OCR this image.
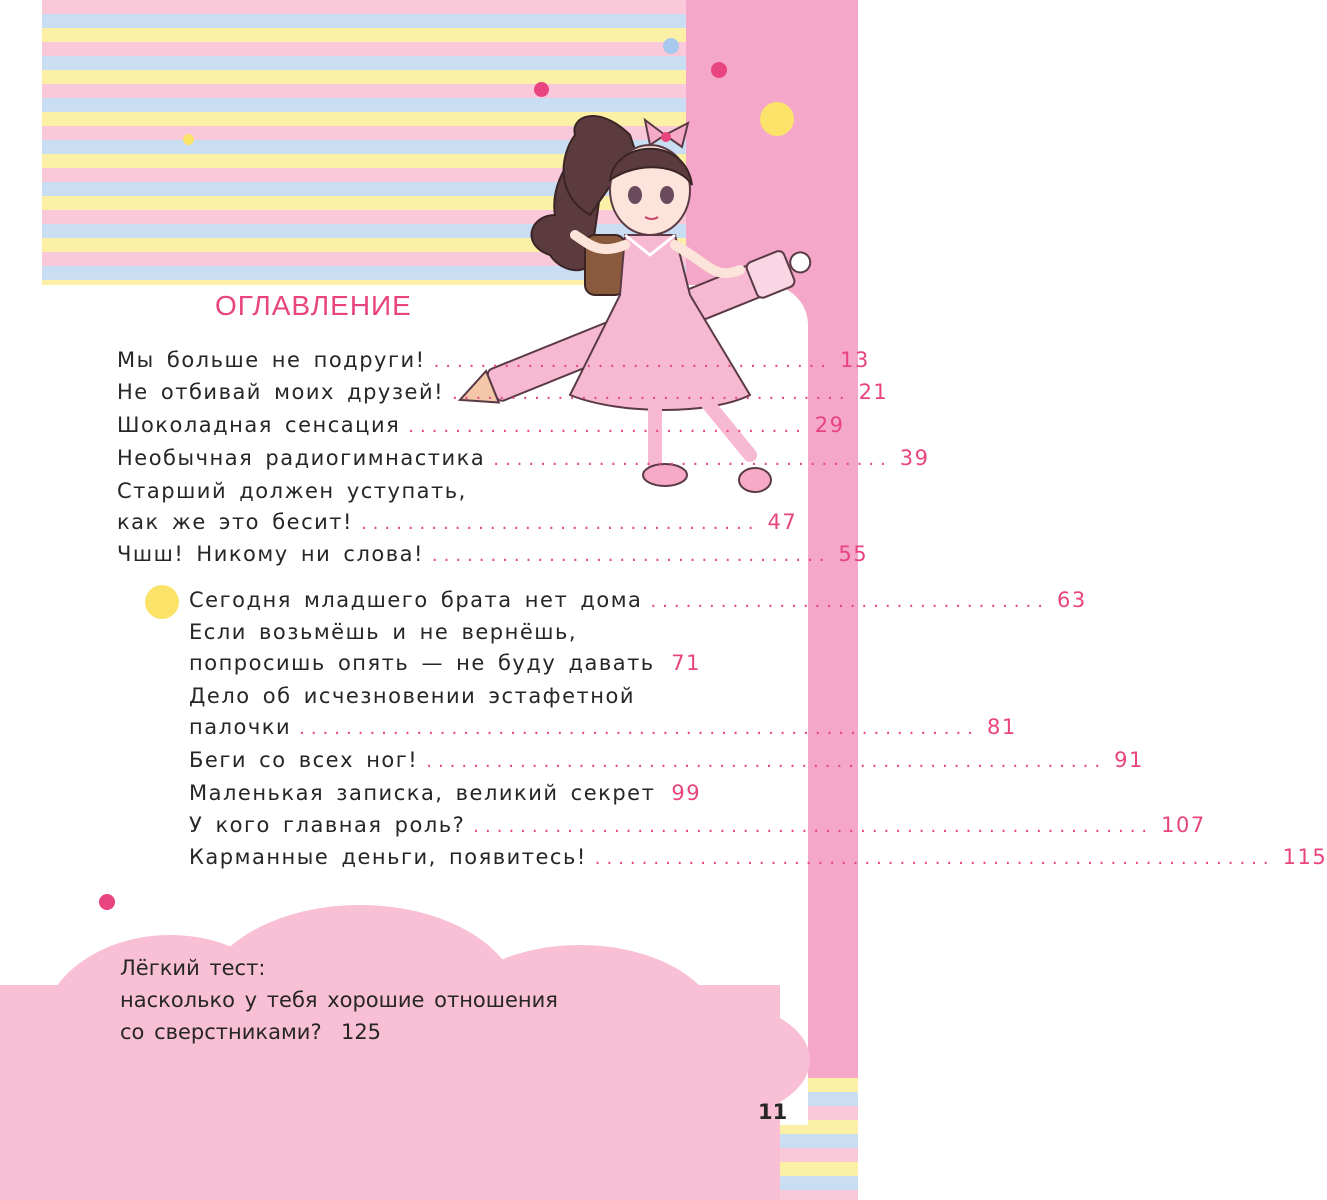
ОГЛАВЛЕНИЕ
Мы больше не подруги! .................................. 13
Не отбивай моих друзей! .................................. 21
Шоколадная сенсация .................................. 29
Необычная радиогимнастика .................................. 39
Старший должен уступать,
как же это бесит! .................................. 47
Чшш! Никому ни слова! .................................. 55
Сегодня младшего брата нет дома .................................. 63
Если возьмёшь и не вернёшь,
попросишь опять — не буду давать 71
Дело об исчезновении эстафетной
палочки .......................................................... 81
Беги со всех ног! .......................................................... 91
Маленькая записка, великий секрет 99
У кого главная роль? .......................................................... 107
Карманные деньги, появитесь! .......................................................... 115
Лёгкий тест:
насколько у тебя хорошие отношения
со сверстниками? 125
11
